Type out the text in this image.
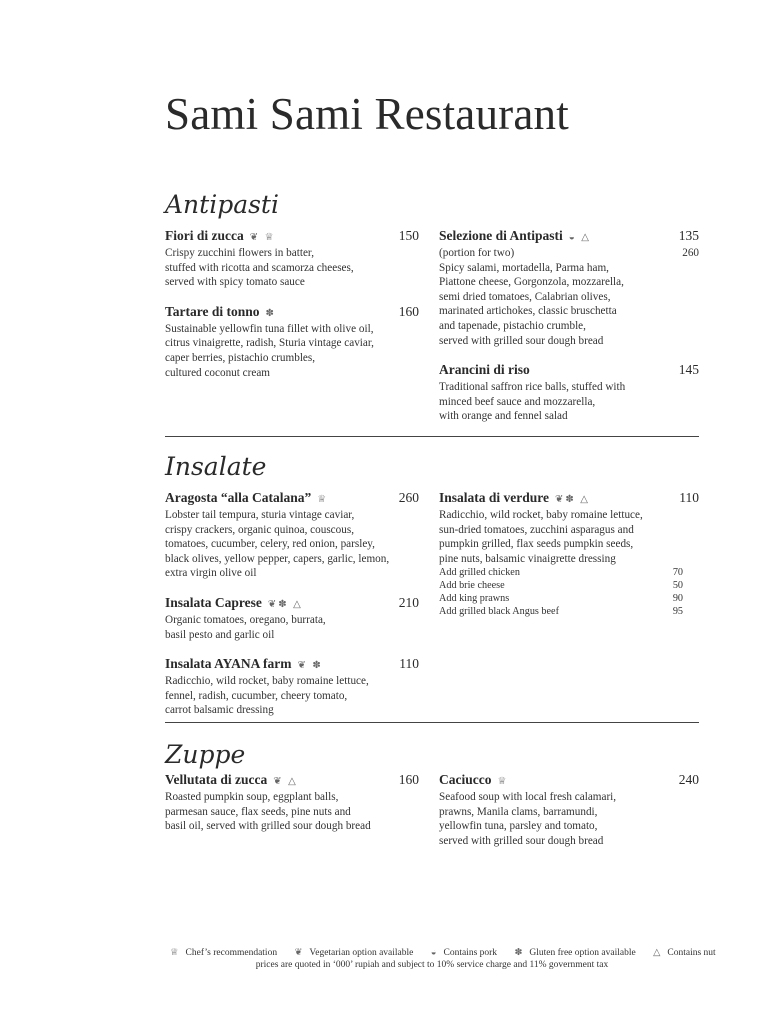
Sami Sami Restaurant
Antipasti
Fiori di zucca ❦ ♕	150

Crispy zucchini flowers in batter,
stuffed with ricotta and scamorza cheeses,
served with spicy tomato sauce

Tartare di tonno ✽	160

Sustainable yellowfin tuna fillet with olive oil,
citrus vinaigrette, radish, Sturia vintage caviar,
caper berries, pistachio crumbles,
cultured coconut cream

Selezione di Antipasti ◒ △	135
(portion for two)	260

Spicy salami, mortadella, Parma ham,
Piattone cheese, Gorgonzola, mozzarella,
semi dried tomatoes, Calabrian olives,
marinated artichokes, classic bruschetta
and tapenade, pistachio crumble,
served with grilled sour dough bread

Arancini di riso	145

Traditional saffron rice balls, stuffed with
minced beef sauce and mozzarella,
with orange and fennel salad

Insalate
Aragosta “alla Catalana” ♕	260

Lobster tail tempura, sturia vintage caviar,
crispy crackers, organic quinoa, couscous,
tomatoes, cucumber, celery, red onion, parsley,
black olives, yellow pepper, capers, garlic, lemon,
extra virgin olive oil

Insalata Caprese ❦✽ △	210

Organic tomatoes, oregano, burrata,
basil pesto and garlic oil

Insalata AYANA farm ❦ ✽	110

Radicchio, wild rocket, baby romaine lettuce,
fennel, radish, cucumber, cheery tomato,
carrot balsamic dressing

Insalata di verdure ❦✽ △	110

Radicchio, wild rocket, baby romaine lettuce,
sun-dried tomatoes, zucchini asparagus and
pumpkin grilled, flax seeds pumpkin seeds,
pine nuts, balsamic vinaigrette dressing

Add grilled chicken	70
Add brie cheese	50
Add king prawns	90
Add grilled black Angus beef	95
Zuppe
Vellutata di zucca ❦ △	160

Roasted pumpkin soup, eggplant balls,
parmesan sauce, flax seeds, pine nuts and
basil oil, served with grilled sour dough bread

Caciucco ♕	240

Seafood soup with local fresh calamari,
prawns, Manila clams, barramundi,
yellowfin tuna, parsley and tomato,
served with grilled sour dough bread

♕ Chef’s recommendation ❦ Vegetarian option available ◒ Contains pork ✽ Gluten free option available △ Contains nut
prices are quoted in ‘000’ rupiah and subject to 10% service charge and 11% government tax
